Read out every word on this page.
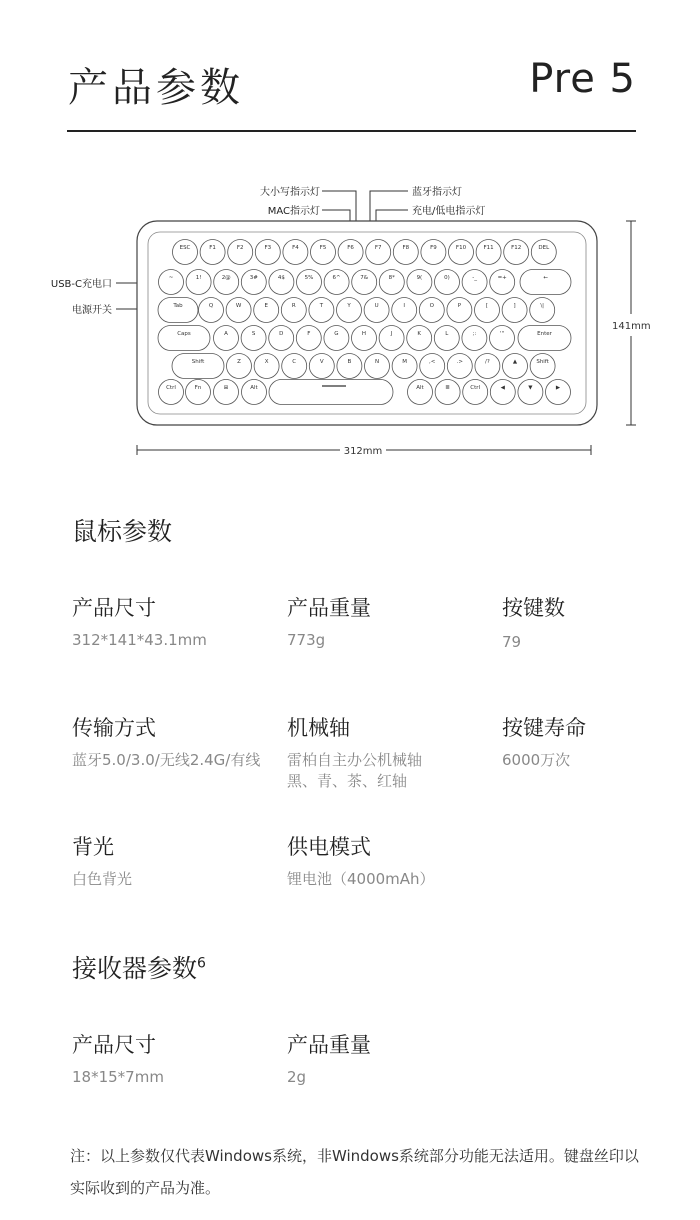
产品参数	Pre 5
大小写指示灯
MAC指示灯
蓝牙指示灯
充电/低电指示灯
USB-C充电口
电源开关
ESC	F1	F2	F3	F4	F5	F6	F7	F8	F9	F10	F11	F12	DEL
~	1!	2@	3#	4$	5%	6^	7&	8*	9(	0)	-_	=+	←
Tab	Q	W	E	R	T	Y	U	I	O	P	[	]	\|
Caps	A	S	D	F	G	H	J	K	L	;:	'"	Enter
Shift	Z	X	C	V	B	N	M	,<	.>	/?	▲	Shift
Ctrl	Fn	⊞	Alt	Alt	≣	Ctrl	◀	▼	▶
141mm
312mm
鼠标参数
产品尺寸
312*141*43.1mm
产品重量
773g
按键数
79
传输方式
蓝牙5.0/3.0/无线2.4G/有线
机械轴
雷柏自主办公机械轴
黑、青、茶、红轴
按键寿命
6000万次
背光
白色背光
供电模式
锂电池（4000mAh）
接收器参数$^6$
产品尺寸
18*15*7mm
产品重量
2g
注：以上参数仅代表Windows系统，非Windows系统部分功能无法适用。键盘丝印以实际收到的产品为准。
